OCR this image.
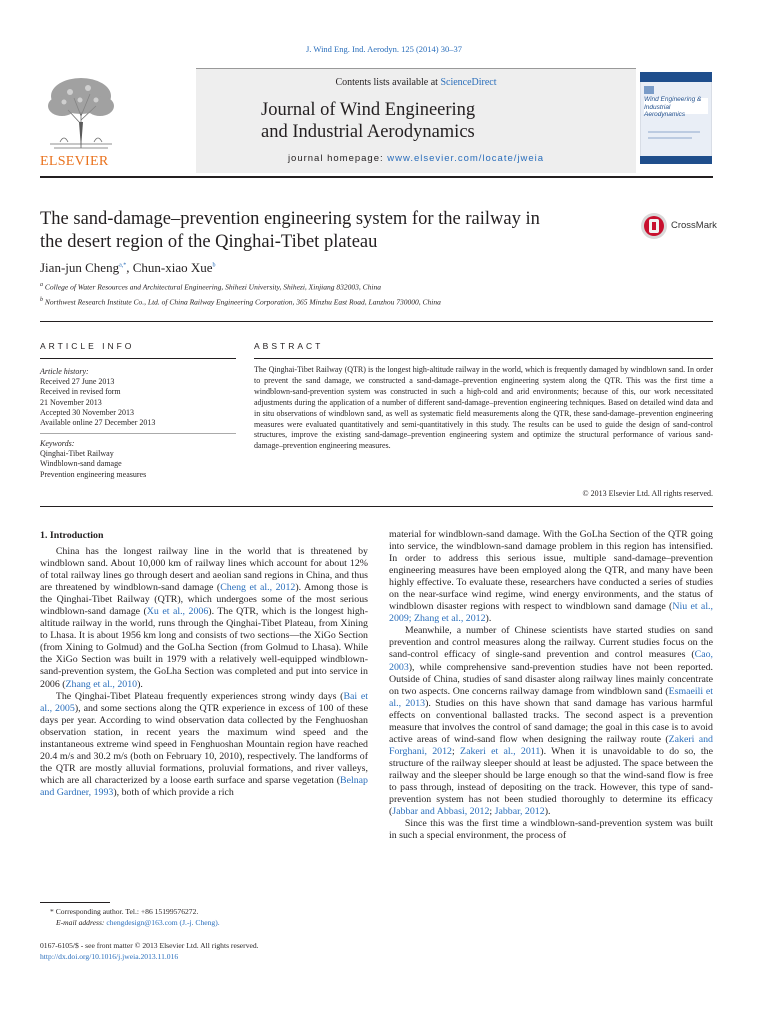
J. Wind Eng. Ind. Aerodyn. 125 (2014) 30–37
ELSEVIER
Contents lists available at ScienceDirect
Journal of Wind Engineering
and Industrial Aerodynamics
journal homepage: www.elsevier.com/locate/jweia
Wind Engineering & Industrial Aerodynamics
The sand-damage–prevention engineering system for the railway in
the desert region of the Qinghai-Tibet plateau
CrossMark
Jian-jun Cheng$^{a,*}$, Chun-xiao Xue$^b$
$^a$ College of Water Resources and Architectural Engineering, Shihezi University, Shihezi, Xinjiang 832003, China
$^b$ Northwest Research Institute Co., Ltd. of China Railway Engineering Corporation, 365 Minzhu East Road, Lanzhou 730000, China
ARTICLE INFO
Article history:
Received 27 June 2013
Received in revised form
21 November 2013
Accepted 30 November 2013
Available online 27 December 2013
Keywords:
Qinghai-Tibet Railway
Windblown-sand damage
Prevention engineering measures
ABSTRACT
The Qinghai-Tibet Railway (QTR) is the longest high-altitude railway in the world, which is frequently damaged by windblown sand. In order to prevent the sand damage, we constructed a sand-damage–prevention engineering system along the QTR. This was the first time a windblown-sand-prevention system was constructed in such a high-cold and arid environments; because of this, our work necessitated adjustments during the application of a number of different sand-damage–prevention engineering techniques. Based on detailed wind data and in situ observations of windblown sand, as well as systematic field measurements along the QTR, these sand-damage–prevention engineering measures were evaluated quantitatively and semi-quantitatively in this study. The results can be used to guide the design of sand-control structures, improve the existing sand-damage–prevention engineering system and optimize the structural performance of various sand-damage–prevention engineering measures.
© 2013 Elsevier Ltd. All rights reserved.
1. Introduction

China has the longest railway line in the world that is threatened by windblown sand. About 10,000 km of railway lines which account for about 12% of total railway lines go through desert and aeolian sand regions in China, and thus are threatened by windblown-sand damage (Cheng et al., 2012). Among those is the Qinghai-Tibet Railway (QTR), which undergoes some of the most serious windblown-sand damage (Xu et al., 2006). The QTR, which is the longest high-altitude railway in the world, runs through the Qinghai-Tibet Plateau, from Xining to Lhasa. It is about 1956 km long and consists of two sections—the XiGo Section (from Xining to Golmud) and the GoLha Section (from Golmud to Lhasa). While the XiGo Section was built in 1979 with a relatively well-equipped windblown-sand-prevention system, the GoLha Section was completed and put into service in 2006 (Zhang et al., 2010).

The Qinghai-Tibet Plateau frequently experiences strong windy days (Bai et al., 2005), and some sections along the QTR experience in excess of 100 of these days per year. According to wind observation data collected by the Fenghuoshan observation station, in recent years the maximum wind speed and the instantaneous extreme wind speed in Fenghuoshan Mountain region have reached 20.4 m/s and 30.2 m/s (both on February 10, 2010), respectively. The landforms of the QTR are mostly alluvial formations, proluvial formations, and river valleys, which are all characterized by a loose earth surface and sparse vegetation (Belnap and Gardner, 1993), both of which provide a rich

material for windblown-sand damage. With the GoLha Section of the QTR going into service, the windblown-sand damage problem in this region has intensified. In order to address this serious issue, multiple sand-damage–prevention engineering measures have been employed along the QTR, and many have been highly effective. To evaluate these, researchers have conducted a series of studies on the near-surface wind regime, wind energy environments, and the status of windblown disaster regions with respect to windblown sand damage (Niu et al., 2009; Zhang et al., 2012).

Meanwhile, a number of Chinese scientists have started studies on sand prevention and control measures along the railway. Current studies focus on the sand-control efficacy of single-sand prevention and control measures (Cao, 2003), while comprehensive sand-prevention studies have not been reported. Outside of China, studies of sand disaster along railway lines mainly concentrate on two aspects. One concerns railway damage from windblown sand (Esmaeili et al., 2013). Studies on this have shown that sand damage has various harmful effects on conventional ballasted tracks. The second aspect is a prevention measure that involves the control of sand damage; the goal in this case is to avoid active areas of wind-sand flow when designing the railway route (Zakeri and Forghani, 2012; Zakeri et al., 2011). When it is unavoidable to do so, the structure of the railway sleeper should at least be adjusted. The space between the railway and the sleeper should be large enough so that the wind-sand flow is free to pass through, instead of depositing on the track. However, this type of sand-prevention system has not been studied thoroughly to determine its efficacy (Jabbar and Abbasi, 2012; Jabbar, 2012).

Since this was the first time a windblown-sand-prevention system was built in such a special environment, the process of

* Corresponding author. Tel.: +86 15199576272.
E-mail address: chengdesign@163.com (J.-j. Cheng).
0167-6105/$ - see front matter © 2013 Elsevier Ltd. All rights reserved.
http://dx.doi.org/10.1016/j.jweia.2013.11.016
